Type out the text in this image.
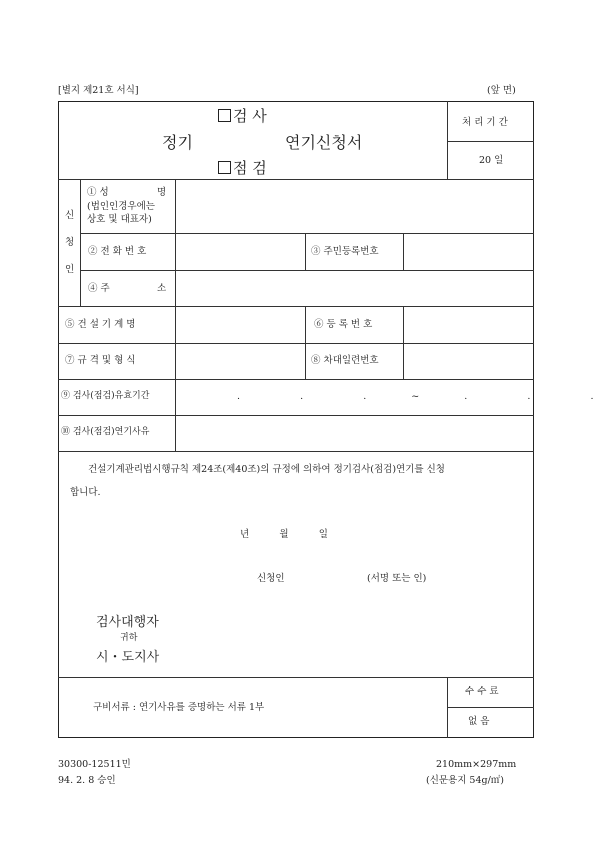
[별지 제21호 서식]	(앞 면)
검 사
정기	연기신청서
점 검
처 리 기 간
20 일
신
청
인
① 성	명
(법인인경우에는
상호 및 대표자)
② 전 화 번 호	③ 주민등록번호
④ 주	소
⑤ 건 설 기 계 명	⑥ 등 록 번 호
⑦ 규 격 및 형 식	⑧ 차대일련번호
⑨ 검사(점검)유효기간	.    .    .   ~   .    .    .
⑩ 검사(점검)연기사유
건설기계관리법시행규칙 제24조(제40조)의 규정에 의하여 정기검사(점검)연기를 신청
합니다.
년          월          일
신청인	(서명 또는 인)
검사대행자
귀하
시・도지사
구비서류 : 연기사유를 증명하는 서류 1부
수 수 료
없 음
30300-12511민
94. 2. 8 승인
210mm×297mm
(신문용지 54g/㎡)
